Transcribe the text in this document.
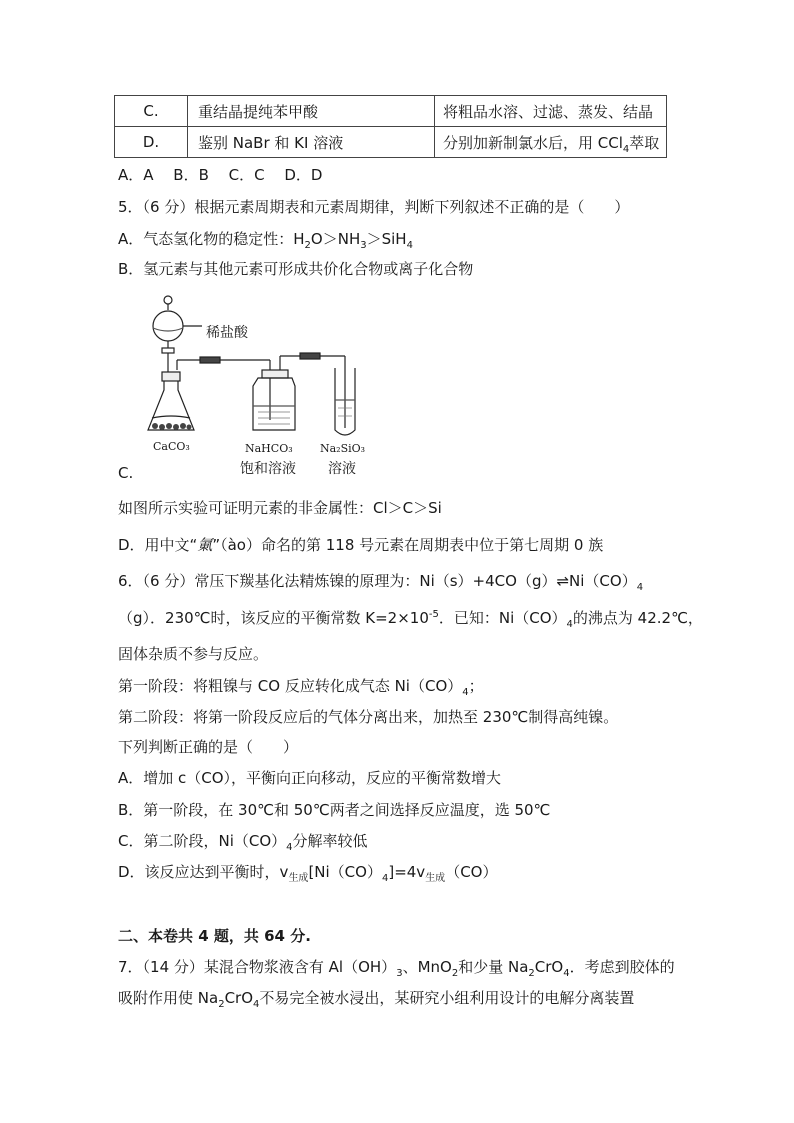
C.	重结晶提纯苯甲酸	将粗品水溶、过滤、蒸发、结晶
D.	鉴别 NaBr 和 KI 溶液	分别加新制氯水后，用 CCl$_4$萃取
A．A　 B．B　 C．C　 D．D
5．（6 分）根据元素周期表和元素周期律，判断下列叙述不正确的是（　　）
A．气态氢化物的稳定性：$H_2O>NH_3>SiH_4$
B．氢元素与其他元素可形成共价化合物或离子化合物
稀盐酸
CaCO₃	NaHCO₃
饱和溶液
Na₂SiO₃
溶液
C.
如图所示实验可证明元素的非金属性：Cl＞C＞Si
D．用中文“氭”（ào）命名的第 118 号元素在周期表中位于第七周期 0 族
6．（6 分）常压下羰基化法精炼镍的原理为：$Ni(s)+4CO(g)\rightleftharpoons Ni(CO)_4$
（g）．230℃时，该反应的平衡常数 $K=2\times 10^{-5}$．已知：$Ni(CO)_4$的沸点为 42.2℃，
固体杂质不参与反应。
第一阶段：将粗镍与 CO 反应转化成气态 $Ni(CO)_4$；
第二阶段：将第一阶段反应后的气体分离出来，加热至 230℃制得高纯镍。
下列判断正确的是（　　）
A．增加 c（CO），平衡向正向移动，反应的平衡常数增大
B．第一阶段，在 30℃和 50℃两者之间选择反应温度，选 50℃
C．第二阶段，$Ni(CO)_4$分解率较低
D．该反应达到平衡时，$v_{生成}[Ni(CO)_4]=4v_{生成}(CO)$
二、本卷共 4 题，共 64 分.
7．（14 分）某混合物浆液含有 $Al(OH)_3$、MnO$_2$和少量 $Na_2CrO_4$．考虑到胶体的
吸附作用使 $Na_2CrO_4$不易完全被水浸出，某研究小组利用设计的电解分离装置
